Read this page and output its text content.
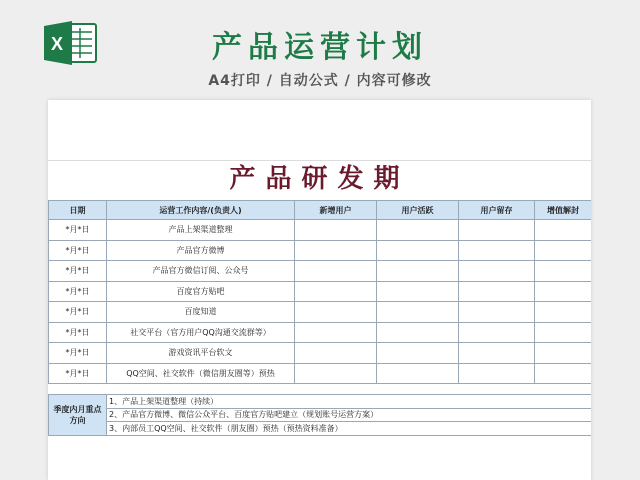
X	产品运营计划
A4打印 / 自动公式 / 内容可修改
产品研发期
日期	运营工作内容/(负责人)	新增用户	用户活跃	用户留存	增值解封
*月*日	产品上架渠道整理				
*月*日	产品官方微博				
*月*日	产品官方微信订阅、公众号				
*月*日	百度官方贴吧				
*月*日	百度知道				
*月*日	社交平台（官方用户QQ沟通交流群等）				
*月*日	游戏资讯平台软文				
*月*日	QQ空间、社交软件（微信朋友圈等）预热				
季度内月重点方向	1、产品上架渠道整理（持续）
2、产品官方微博、微信公众平台、百度官方贴吧建立（规划账号运营方案）
3、内部员工QQ空间、社交软件（朋友圈）预热（预热资料准备）
